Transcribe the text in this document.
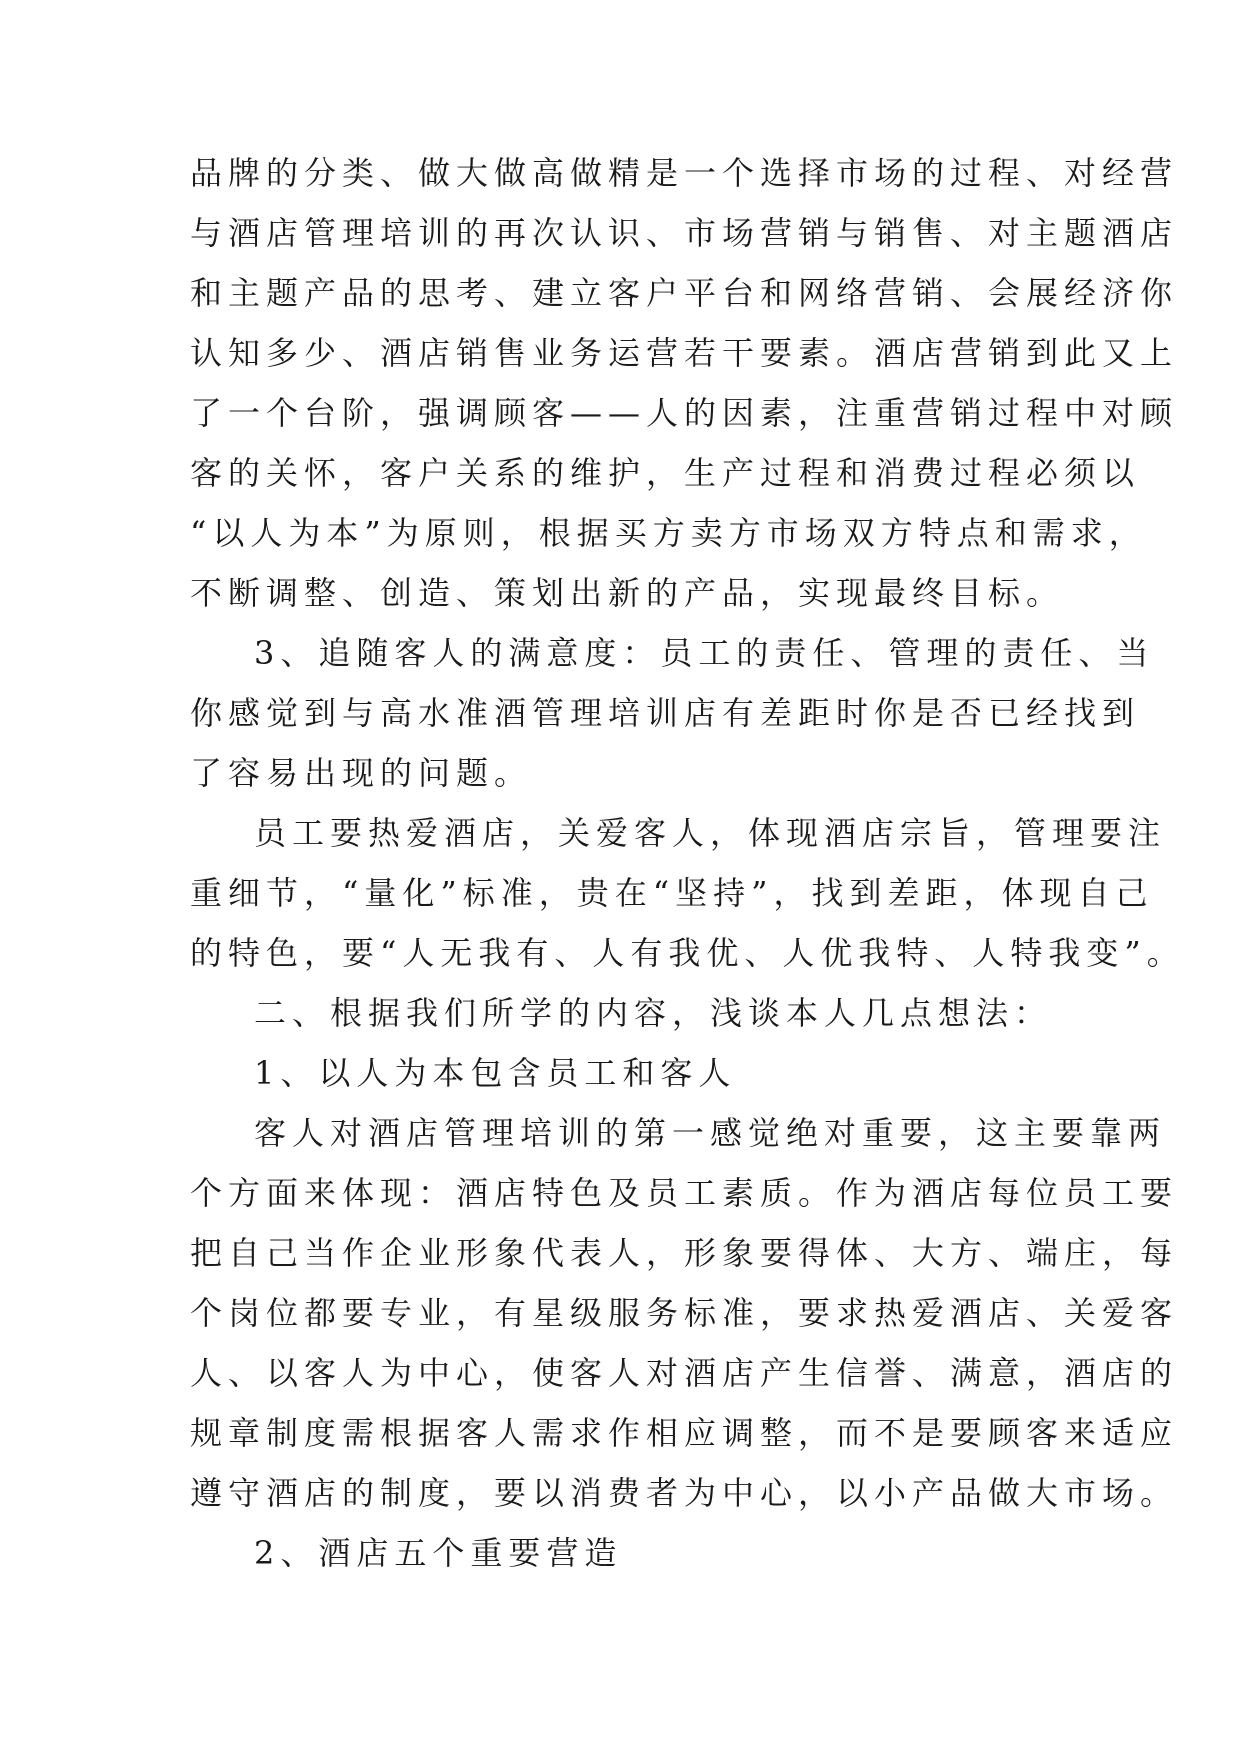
品牌的分类、做大做高做精是一个选择市场的过程、对经营
与酒店管理培训的再次认识、市场营销与销售、对主题酒店
和主题产品的思考、建立客户平台和网络营销、会展经济你
认知多少、酒店销售业务运营若干要素。酒店营销到此又上
了一个台阶，强调顾客——人的因素，注重营销过程中对顾
客的关怀，客户关系的维护，生产过程和消费过程必须以
“以人为本”为原则，根据买方卖方市场双方特点和需求，
不断调整、创造、策划出新的产品，实现最终目标。
3、追随客人的满意度：员工的责任、管理的责任、当
你感觉到与高水准酒管理培训店有差距时你是否已经找到
了容易出现的问题。
员工要热爱酒店，关爱客人，体现酒店宗旨，管理要注
重细节，“量化”标准，贵在“坚持”，找到差距，体现自己
的特色，要“人无我有、人有我优、人优我特、人特我变”。
二、根据我们所学的内容，浅谈本人几点想法：
1、以人为本包含员工和客人
客人对酒店管理培训的第一感觉绝对重要，这主要靠两
个方面来体现：酒店特色及员工素质。作为酒店每位员工要
把自己当作企业形象代表人，形象要得体、大方、端庄，每
个岗位都要专业，有星级服务标准，要求热爱酒店、关爱客
人、以客人为中心，使客人对酒店产生信誉、满意，酒店的
规章制度需根据客人需求作相应调整，而不是要顾客来适应
遵守酒店的制度，要以消费者为中心，以小产品做大市场。
2、酒店五个重要营造
